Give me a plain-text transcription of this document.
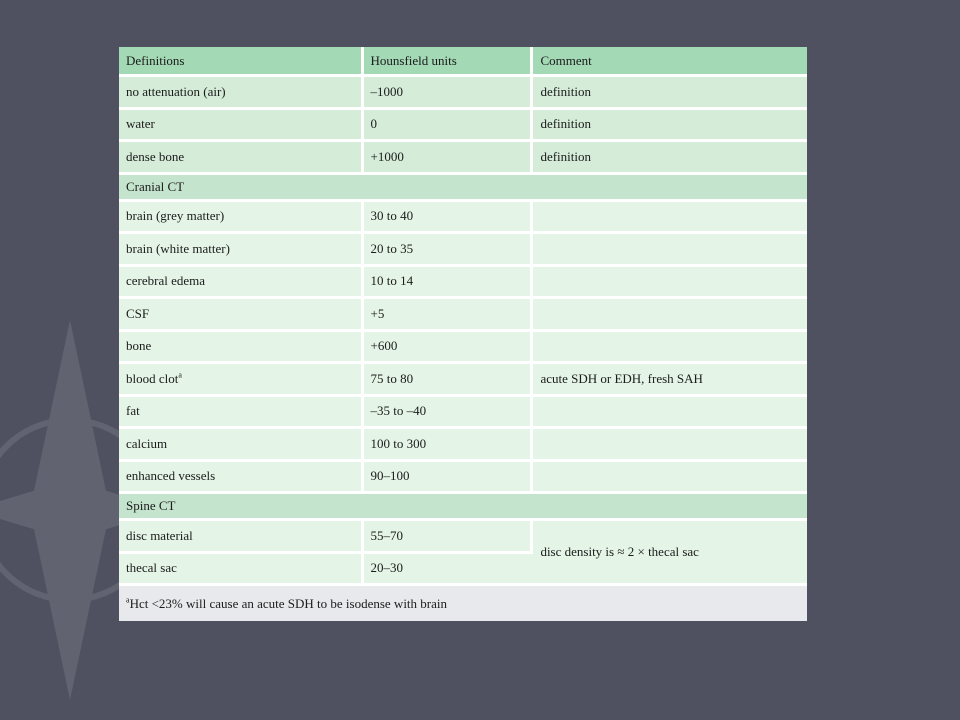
Definitions	Hounsfield units	Comment
no attenuation (air)	–1000	definition
water	0	definition
dense bone	+1000	definition
Cranial CT		
brain (grey matter)	30 to 40	
brain (white matter)	20 to 35	
cerebral edema	10 to 14	
CSF	+5	
bone	+600	
blood clot$^a$	75 to 80	acute SDH or EDH, fresh SAH
fat	–35 to –40	
calcium	100 to 300	
enhanced vessels	90–100	
Spine CT		
disc material	55–70	disc density is ≈ 2 × thecal sac
thecal sac	20–30	
$^a$Hct <23% will cause an acute SDH to be isodense with brain		
